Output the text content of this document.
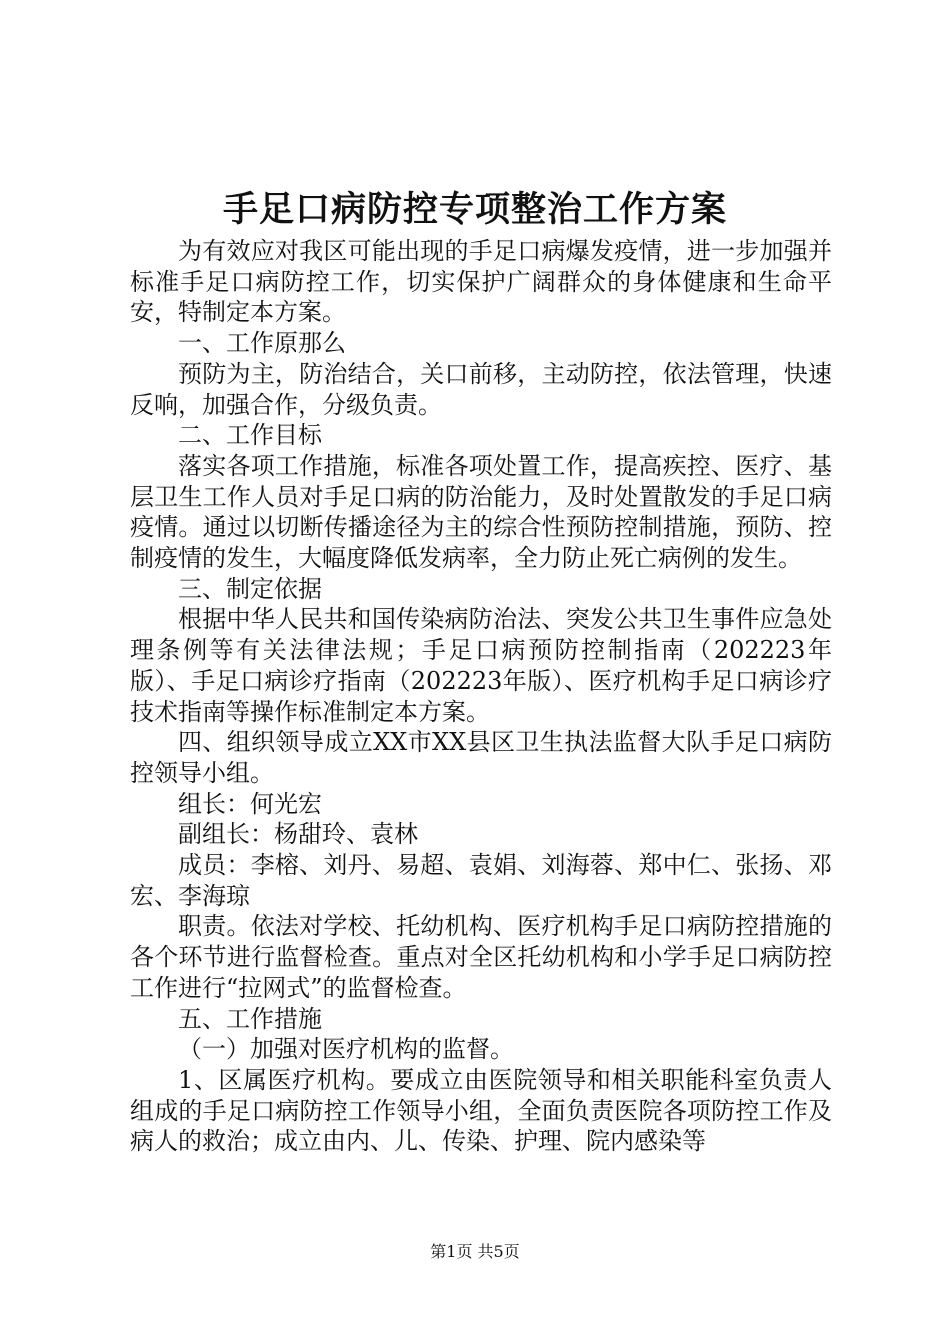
手足口病防控专项整治工作方案

为有效应对我区可能出现的手足口病爆发疫情，进一步加强并标准手足口病防控工作，切实保护广阔群众的身体健康和生命平安，特制定本方案。

一、工作原那么

预防为主，防治结合，关口前移，主动防控，依法管理，快速反响，加强合作，分级负责。

二、工作目标

落实各项工作措施，标准各项处置工作，提高疾控、医疗、基层卫生工作人员对手足口病的防治能力，及时处置散发的手足口病疫情。通过以切断传播途径为主的综合性预防控制措施，预防、控制疫情的发生，大幅度降低发病率，全力防止死亡病例的发生。

三、制定依据

根据中华人民共和国传染病防治法、突发公共卫生事件应急处理条例等有关法律法规；手足口病预防控制指南（202223年版）、手足口病诊疗指南（202223年版）、医疗机构手足口病诊疗技术指南等操作标准制定本方案。

四、组织领导成立XX市XX县区卫生执法监督大队手足口病防控领导小组。

组长：何光宏

副组长：杨甜玲、袁林

成员：李榕、刘丹、易超、袁娟、刘海蓉、郑中仁、张扬、邓宏、李海琼

职责。依法对学校、托幼机构、医疗机构手足口病防控措施的各个环节进行监督检查。重点对全区托幼机构和小学手足口病防控工作进行“拉网式”的监督检查。

五、工作措施

（一）加强对医疗机构的监督。

1、区属医疗机构。要成立由医院领导和相关职能科室负责人组成的手足口病防控工作领导小组，全面负责医院各项防控工作及病人的救治；成立由内、儿、传染、护理、院内感染等

第1页 共5页
